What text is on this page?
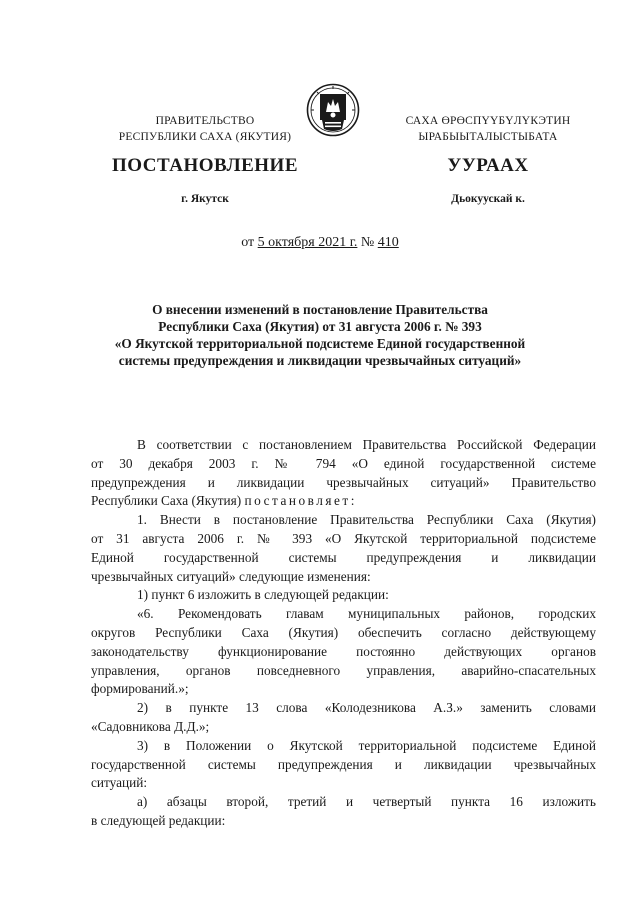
ПРАВИТЕЛЬСТВО
РЕСПУБЛИКИ САХА (ЯКУТИЯ)
САХА ӨРӨСПҮҮБҮЛҮКЭТИН
ЫРАБЫЫТАЛЫСТЫБАТА
ПОСТАНОВЛЕНИЕ	УУРААХ
г. Якутск	Дьокуускай к.
от 5 октября 2021 г. № 410
О внесении изменений в постановление Правительства
Республики Саха (Якутия) от 31 августа 2006 г. № 393
«О Якутской территориальной подсистеме Единой государственной
системы предупреждения и ликвидации чрезвычайных ситуаций»
В соответствии с постановлением Правительства Российской Федерации
от 30 декабря 2003 г. № 794 «О единой государственной системе
предупреждения и ликвидации чрезвычайных ситуаций» Правительство
Республики Саха (Якутия) постановляет:
1. Внести в постановление Правительства Республики Саха (Якутия)
от 31 августа 2006 г. № 393 «О Якутской территориальной подсистеме
Единой государственной системы предупреждения и ликвидации
чрезвычайных ситуаций» следующие изменения:
1) пункт 6 изложить в следующей редакции:
«6. Рекомендовать главам муниципальных районов, городских
округов Республики Саха (Якутия) обеспечить согласно действующему
законодательству функционирование постоянно действующих органов
управления, органов повседневного управления, аварийно-спасательных
формирований.»;
2) в пункте 13 слова «Колодезникова А.З.» заменить словами
«Садовникова Д.Д.»;
3) в Положении о Якутской территориальной подсистеме Единой
государственной системы предупреждения и ликвидации чрезвычайных
ситуаций:
а) абзацы второй, третий и четвертый пункта 16 изложить
в следующей редакции:
